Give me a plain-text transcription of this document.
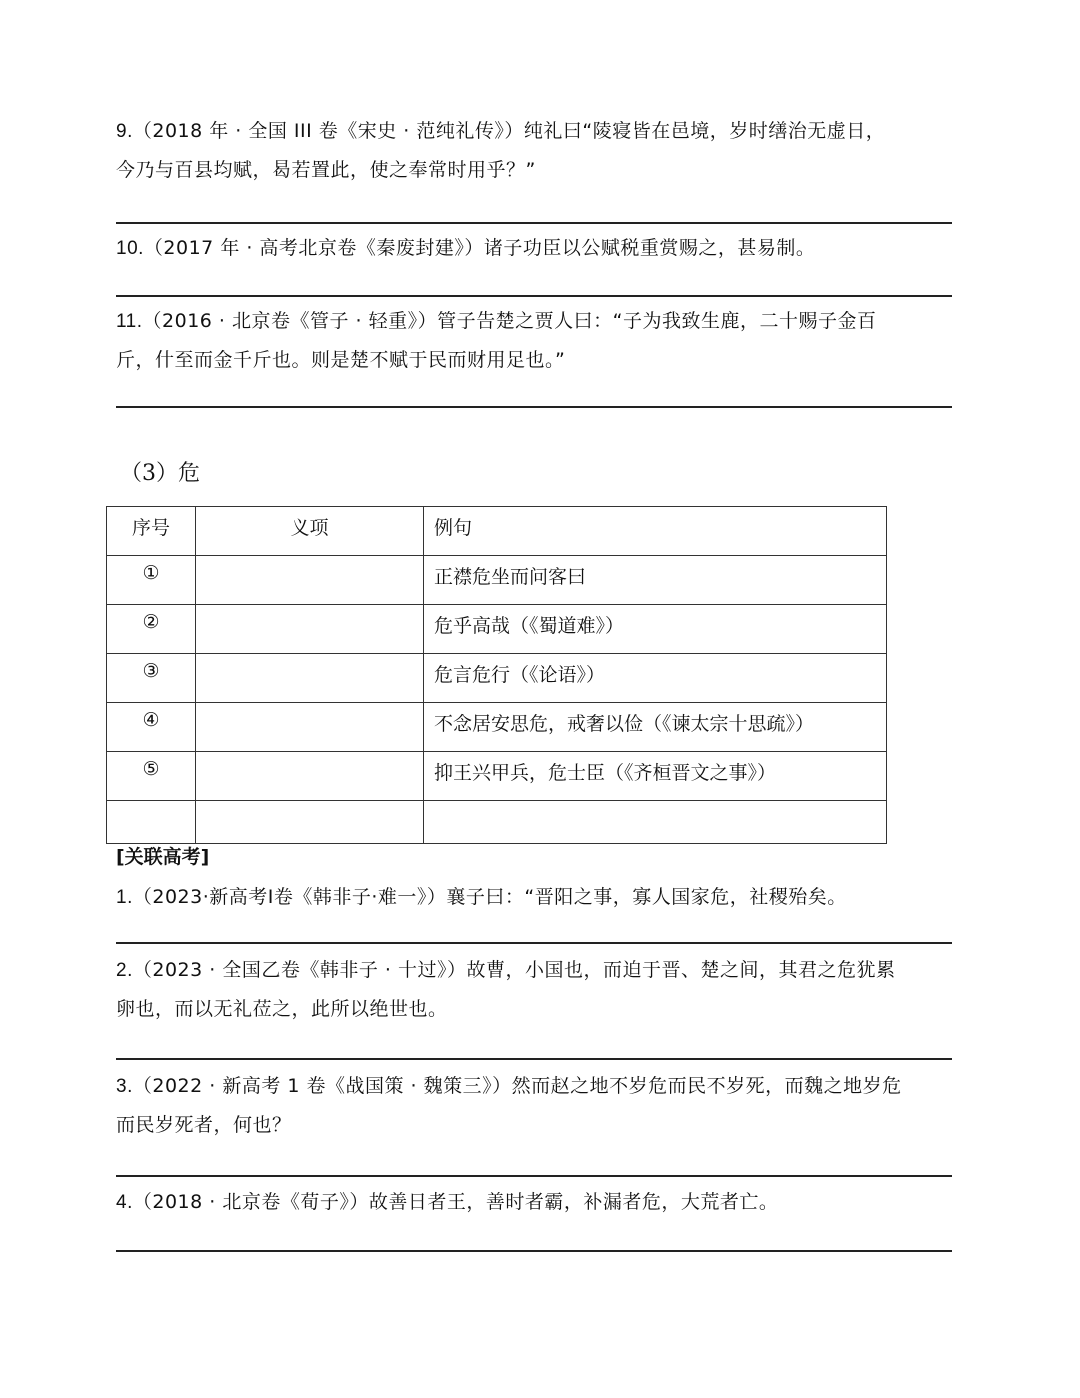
9.（2018 年 · 全国 III 卷《宋史 · 范纯礼传》）纯礼曰“陵寝皆在邑境，岁时缮治无虚日，
今乃与百县均赋，曷若置此，使之奉常时用乎？”
10.（2017 年 · 高考北京卷《秦废封建》）诸子功臣以公赋税重赏赐之，甚易制。
11.（2016 · 北京卷《管子 · 轻重》）管子告楚之贾人曰：“子为我致生鹿，二十赐子金百
斤，什至而金千斤也。则是楚不赋于民而财用足也。”
（3）危
序号	义项	例句

①		正襟危坐而问客曰

②		危乎高哉（《蜀道难》）

③		危言危行（《论语》）

④		不念居安思危，戒奢以俭（《谏太宗十思疏》）

⑤		抑王兴甲兵，危士臣（《齐桓晋文之事》）

[关联高考]
1.（2023·新高考Ⅰ卷《韩非子·难一》）襄子曰：“晋阳之事，寡人国家危，社稷殆矣。
2.（2023 · 全国乙卷《韩非子 · 十过》）故曹，小国也，而迫于晋、楚之间，其君之危犹累
卵也，而以无礼莅之，此所以绝世也。
3.（2022 · 新高考 1 卷《战国策 · 魏策三》）然而赵之地不岁危而民不岁死，而魏之地岁危
而民岁死者，何也？
4.（2018 · 北京卷《荀子》）故善日者王，善时者霸，补漏者危，大荒者亡。
